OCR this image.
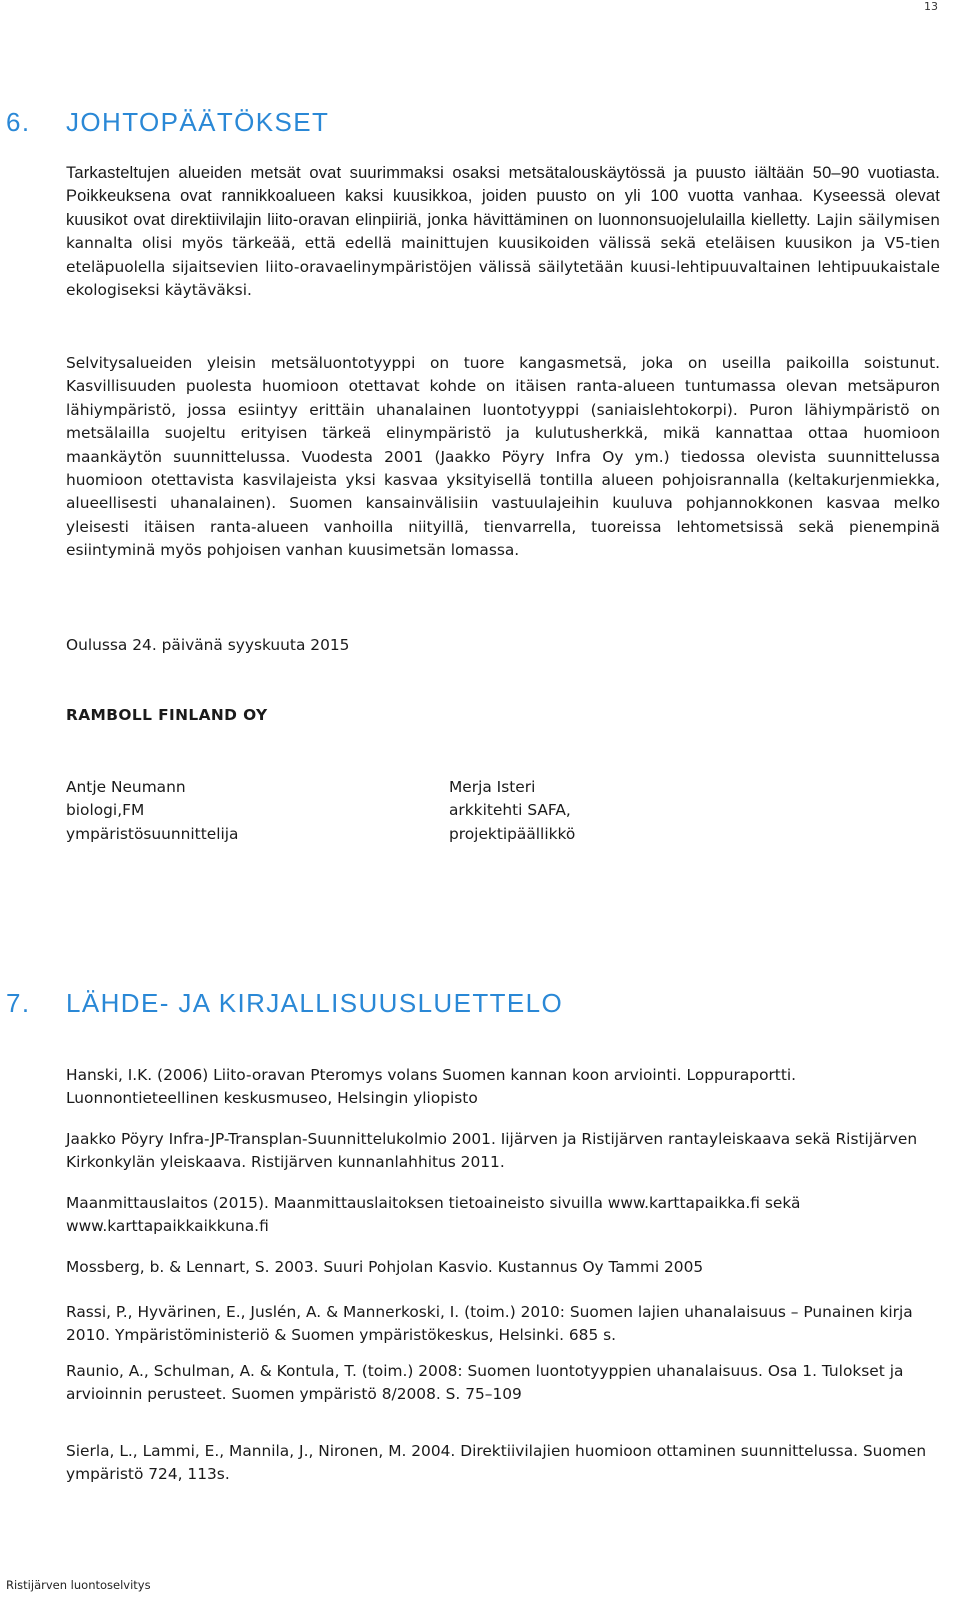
13
6. JOHTOPÄÄTÖKSET

Tarkasteltujen alueiden metsät ovat suurimmaksi osaksi metsätalouskäytössä ja puusto iältään 50–90 vuotiasta. Poikkeuksena ovat rannikkoalueen kaksi kuusikkoa, joiden puusto on yli 100 vuotta vanhaa. Kyseessä olevat kuusikot ovat direktiivilajin liito-oravan elinpiiriä, jonka hävittäminen on luonnonsuojelulailla kielletty. Lajin säilymisen kannalta olisi myös tärkeää, että edellä mainittujen kuusikoiden välissä sekä eteläisen kuusikon ja V5-tien eteläpuolella sijaitsevien liito-oravaelinympäristöjen välissä säilytetään kuusi-lehtipuuvaltainen lehtipuukaistale ekologiseksi käytäväksi.

Selvitysalueiden yleisin metsäluontotyyppi on tuore kangasmetsä, joka on useilla paikoilla soistunut. Kasvillisuuden puolesta huomioon otettavat kohde on itäisen ranta-alueen tuntumassa olevan metsäpuron lähiympäristö, jossa esiintyy erittäin uhanalainen luontotyyppi (saniaislehtokorpi). Puron lähiympäristö on metsälailla suojeltu erityisen tärkeä elinympäristö ja kulutusherkkä, mikä kannattaa ottaa huomioon maankäytön suunnittelussa. Vuodesta 2001 (Jaakko Pöyry Infra Oy ym.) tiedossa olevista suunnittelussa huomioon otettavista kasvilajeista yksi kasvaa yksityisellä tontilla alueen pohjoisrannalla (keltakurjenmiekka, alueellisesti uhanalainen). Suomen kansainvälisiin vastuulajeihin kuuluva pohjannokkonen kasvaa melko yleisesti itäisen ranta-alueen vanhoilla niityillä, tienvarrella, tuoreissa lehtometsissä sekä pienempinä esiintyminä myös pohjoisen vanhan kuusimetsän lomassa.

Oulussa 24. päivänä syyskuuta 2015

RAMBOLL FINLAND OY

Antje Neumann
biologi,FM
ympäristösuunnittelija
Merja Isteri
arkkitehti SAFA,
projektipäällikkö
7. LÄHDE- JA KIRJALLISUUSLUETTELO

Hanski, I.K. (2006) Liito-oravan Pteromys volans Suomen kannan koon arviointi. Loppuraportti. Luonnontieteellinen keskusmuseo, Helsingin yliopisto

Jaakko Pöyry Infra-JP-Transplan-Suunnittelukolmio 2001. Iijärven ja Ristijärven rantayleiskaava sekä Ristijärven Kirkonkylän yleiskaava. Ristijärven kunnanlahhitus 2011.

Maanmittauslaitos (2015). Maanmittauslaitoksen tietoaineisto sivuilla www.karttapaikka.fi sekä www.karttapaikkaikkuna.fi

Mossberg, b. & Lennart, S. 2003. Suuri Pohjolan Kasvio. Kustannus Oy Tammi 2005

Rassi, P., Hyvärinen, E., Juslén, A. & Mannerkoski, I. (toim.) 2010: Suomen lajien uhanalaisuus – Punainen kirja 2010. Ympäristöministeriö & Suomen ympäristökeskus, Helsinki. 685 s.

Raunio, A., Schulman, A. & Kontula, T. (toim.) 2008: Suomen luontotyyppien uhanalaisuus. Osa 1. Tulokset ja arvioinnin perusteet. Suomen ympäristö 8/2008. S. 75–109

Sierla, L., Lammi, E., Mannila, J., Nironen, M. 2004. Direktiivilajien huomioon ottaminen suunnittelussa. Suomen ympäristö 724, 113s.

Ristijärven luontoselvitys
